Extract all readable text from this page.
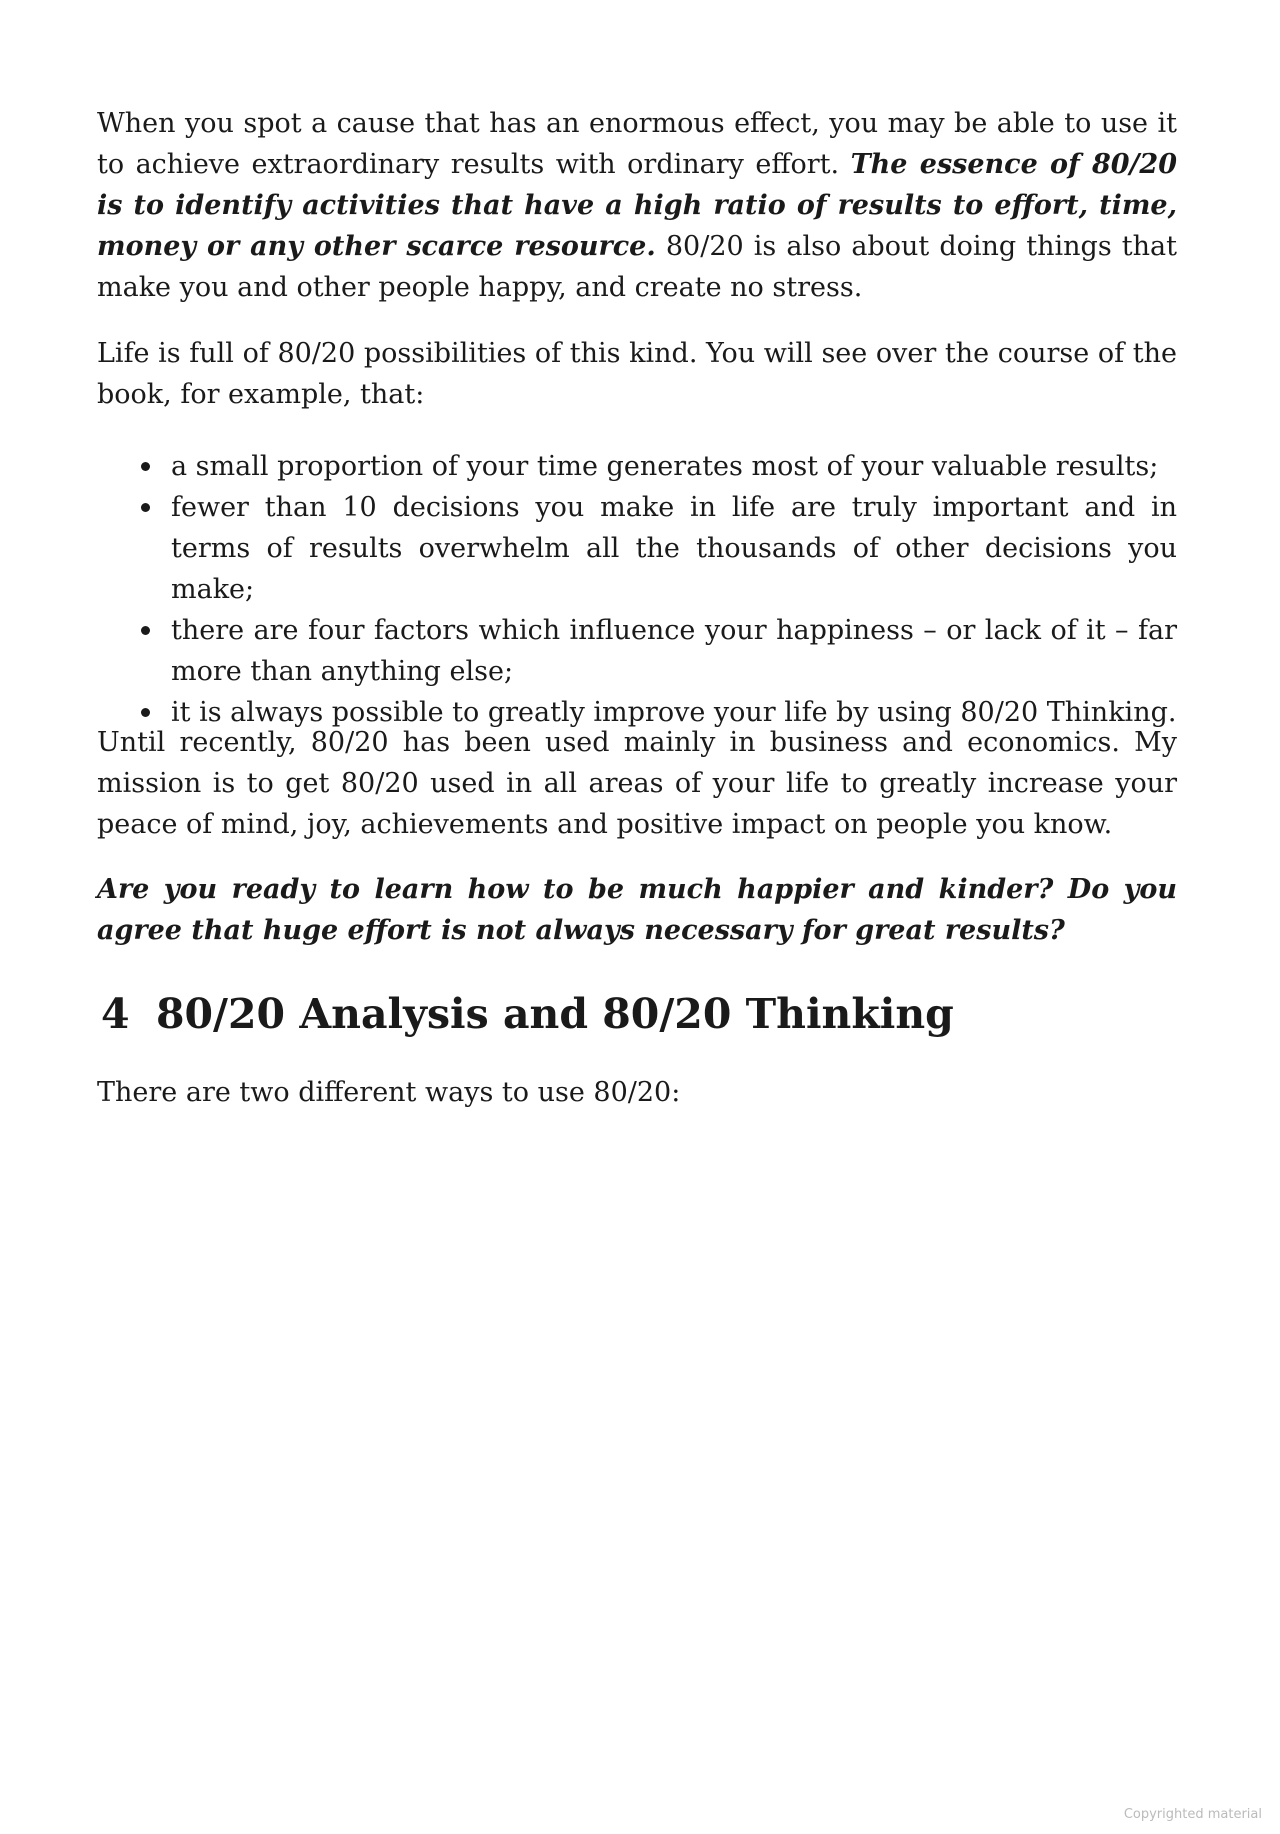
When you spot a cause that has an enormous effect, you may be able to use it to achieve extraordinary results with ordinary effort. The essence of 80/20 is to identify activities that have a high ratio of results to effort, time, money or any other scarce resource. 80/20 is also about doing things that make you and other people happy, and create no stress.

Life is full of 80/20 possibilities of this kind. You will see over the course of the book, for example, that:

a small proportion of your time generates most of your valuable results;
fewer than 10 decisions you make in life are truly important and in terms of results overwhelm all the thousands of other decisions you make;
there are four factors which influence your happiness – or lack of it – far more than anything else;
it is always possible to greatly improve your life by using 80/20 Thinking.

Until recently, 80/20 has been used mainly in business and economics. My mission is to get 80/20 used in all areas of your life to greatly increase your peace of mind, joy, achievements and positive impact on people you know.

Are you ready to learn how to be much happier and kinder? Do you agree that huge effort is not always necessary for great results?

4 80/20 Analysis and 80/20 Thinking

There are two different ways to use 80/20:

Copyrighted material
